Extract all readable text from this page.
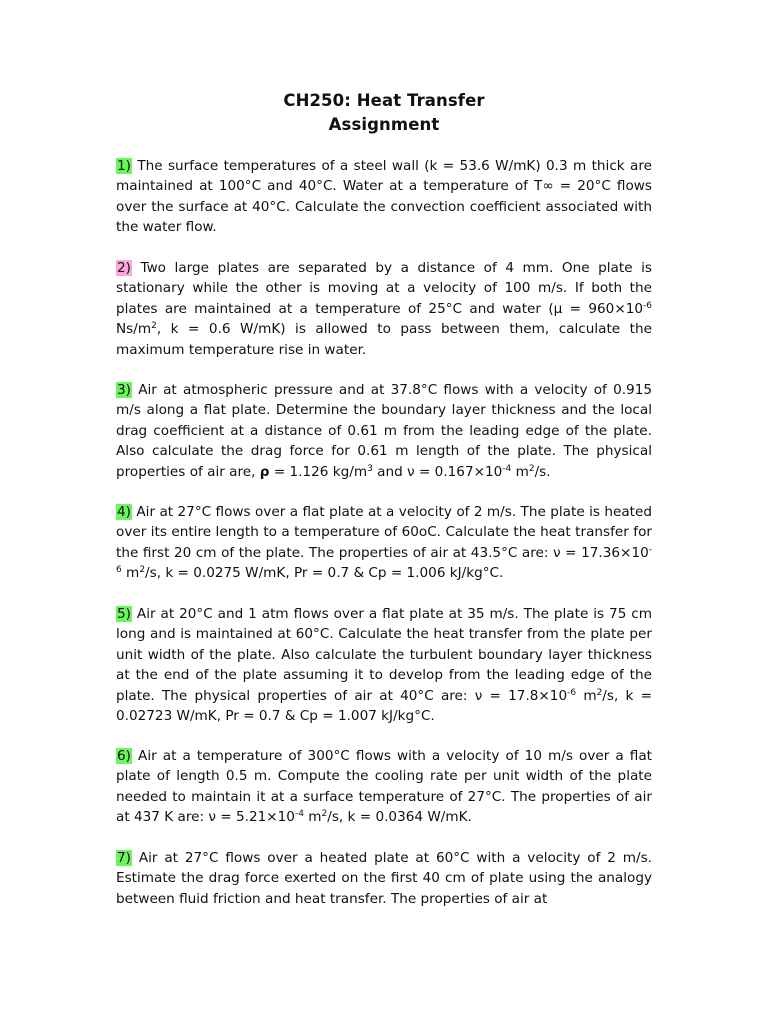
CH250: Heat Transfer
Assignment
1) The surface temperatures of a steel wall (k = 53.6 W/mK) 0.3 m thick are maintained at 100°C and 40°C. Water at a temperature of T∞ = 20°C flows over the surface at 40°C. Calculate the convection coefficient associated with the water flow.
2) Two large plates are separated by a distance of 4 mm. One plate is stationary while the other is moving at a velocity of 100 m/s. If both the plates are maintained at a temperature of 25°C and water ($\mu = 960\times 10^{-6}$ $Ns/m^2$, k = 0.6 W/mK) is allowed to pass between them, calculate the maximum temperature rise in water.
3) Air at atmospheric pressure and at 37.8°C flows with a velocity of 0.915 m/s along a flat plate. Determine the boundary layer thickness and the local drag coefficient at a distance of 0.61 m from the leading edge of the plate. Also calculate the drag force for 0.61 m length of the plate. The physical properties of air are, ρ = 1.126 $kg/m^3$ and $\nu = 0.167\times 10^{-4}$ $m^2/s$.
4) Air at 27°C flows over a flat plate at a velocity of 2 m/s. The plate is heated over its entire length to a temperature of 60oC. Calculate the heat transfer for the first 20 cm of the plate. The properties of air at 43.5°C are: $\nu = 17.36\times 10^{-6}$ $m^2/s$, k = 0.0275 W/mK, Pr = 0.7 & Cp = 1.006 kJ/kg°C.
5) Air at 20°C and 1 atm flows over a flat plate at 35 m/s. The plate is 75 cm long and is maintained at 60°C. Calculate the heat transfer from the plate per unit width of the plate. Also calculate the turbulent boundary layer thickness at the end of the plate assuming it to develop from the leading edge of the plate. The physical properties of air at 40°C are: $\nu = 17.8\times 10^{-6}$ $m^2/s$, k = 0.02723 W/mK, Pr = 0.7 & Cp = 1.007 kJ/kg°C.
6) Air at a temperature of 300°C flows with a velocity of 10 m/s over a flat plate of length 0.5 m. Compute the cooling rate per unit width of the plate needed to maintain it at a surface temperature of 27°C. The properties of air at 437 K are: $\nu = 5.21\times 10^{-4}$ $m^2/s$, k = 0.0364 W/mK.
7) Air at 27°C flows over a heated plate at 60°C with a velocity of 2 m/s. Estimate the drag force exerted on the first 40 cm of plate using the analogy between fluid friction and heat transfer. The properties of air at
